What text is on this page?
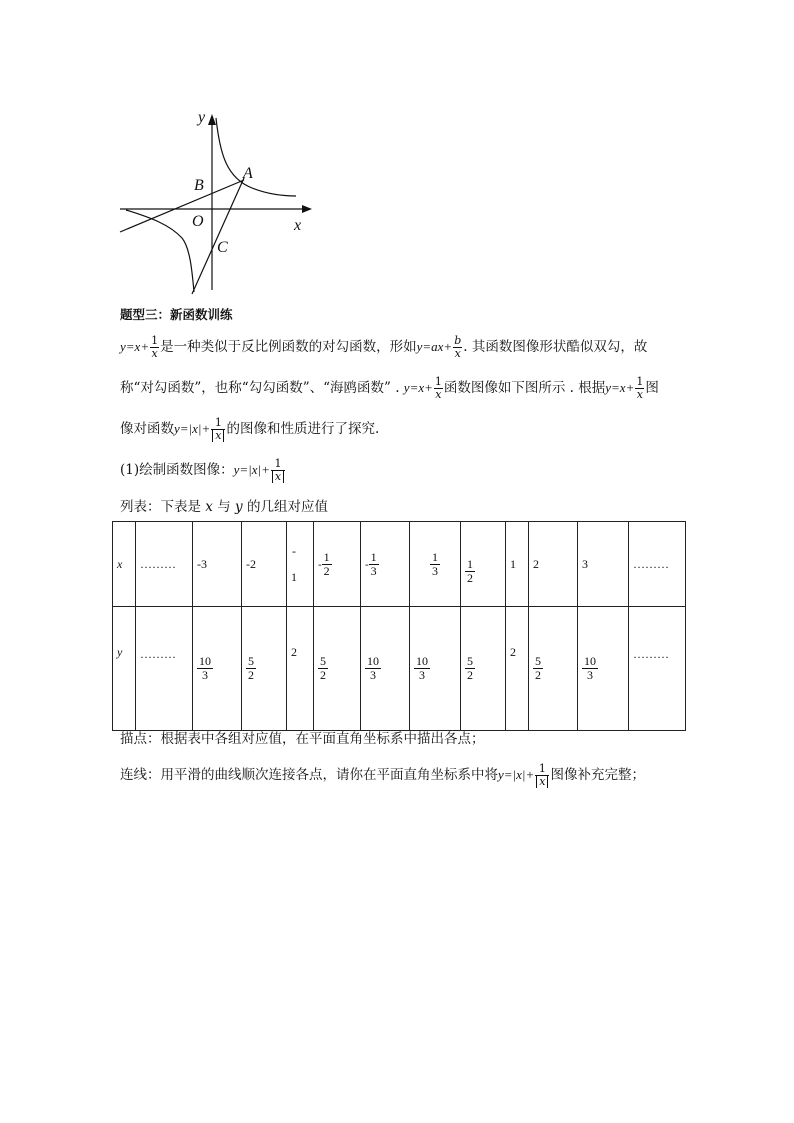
y
x
A
B
C
O
题型三：新函数训练
$y=x+ \frac{1}{x}$ 是一种类似于反比例函数的对勾函数，形如$y=ax+ \frac{b}{x}$ . 其函数图像形状酷似双勾，故
称“对勾函数”，也称“勾勾函数”、“海鸥函数” . $y=x+ \frac{1}{x}$ 函数图像如下图所示 . 根据$y=x+ \frac{1}{x}$ 图
像对函数$y=|x|+ \frac{1}{x}$ 的图像和性质进行了探究.
(1)绘制函数图像：$y=|x|+ \frac{1}{x}$
列表：下表是 x 与 y 的几组对应值
x	………	-3	-2	-
1	- $\frac{1}{2}$	- $\frac{1}{3}$	$\frac{1}{3}$	$\frac{1}{2}$	1	2	3	………
y	………	$\frac{10}{3}$	$\frac{5}{2}$	2	$\frac{5}{2}$	$\frac{10}{3}$	$\frac{10}{3}$	$\frac{5}{2}$	2	$\frac{5}{2}$	$\frac{10}{3}$	………
描点：根据表中各组对应值，在平面直角坐标系中描出各点；
连线：用平滑的曲线顺次连接各点，请你在平面直角坐标系中将$y=|x|+ \frac{1}{x}$ 图像补充完整；
